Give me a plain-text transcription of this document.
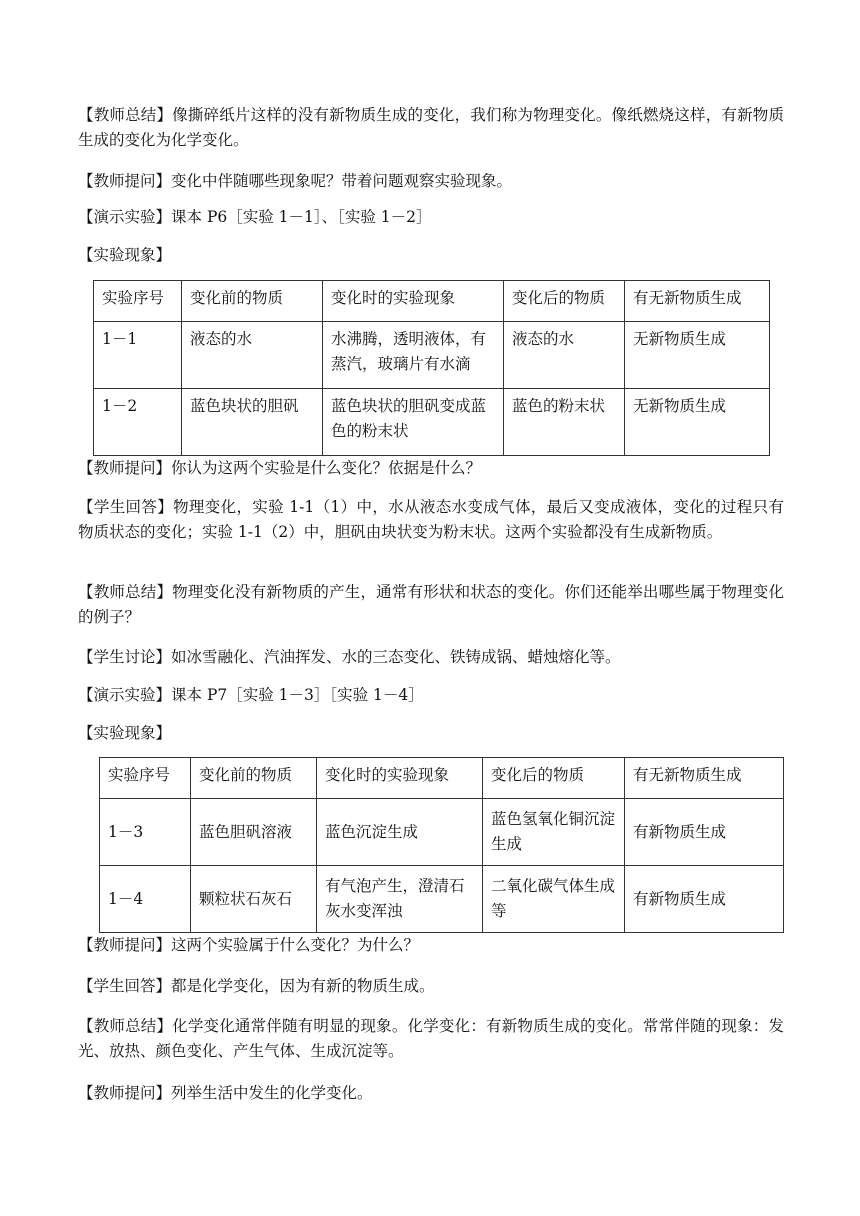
【教师总结】像撕碎纸片这样的没有新物质生成的变化，我们称为物理变化。像纸燃烧这样，有新物质生成的变化为化学变化。

【教师提问】变化中伴随哪些现象呢？带着问题观察实验现象。

【演示实验】课本 P6［实验 1－1］、［实验 1－2］

【实验现象】

实验序号	变化前的物质	变化时的实验现象	变化后的物质	有无新物质生成
1－1	液态的水	水沸腾，透明液体，有蒸汽，玻璃片有水滴	液态的水	无新物质生成
1－2	蓝色块状的胆矾	蓝色块状的胆矾变成蓝色的粉末状	蓝色的粉末状	无新物质生成

【教师提问】你认为这两个实验是什么变化？依据是什么？

【学生回答】物理变化，实验 1-1（1）中，水从液态水变成气体，最后又变成液体，变化的过程只有物质状态的变化；实验 1-1（2）中，胆矾由块状变为粉末状。这两个实验都没有生成新物质。

【教师总结】物理变化没有新物质的产生，通常有形状和状态的变化。你们还能举出哪些属于物理变化的例子？

【学生讨论】如冰雪融化、汽油挥发、水的三态变化、铁铸成锅、蜡烛熔化等。

【演示实验】课本 P7［实验 1－3］［实验 1－4］

【实验现象】

实验序号	变化前的物质	变化时的实验现象	变化后的物质	有无新物质生成
1－3	蓝色胆矾溶液	蓝色沉淀生成	蓝色氢氧化铜沉淀生成	有新物质生成
1－4	颗粒状石灰石	有气泡产生，澄清石灰水变浑浊	二氧化碳气体生成等	有新物质生成

【教师提问】这两个实验属于什么变化？为什么？

【学生回答】都是化学变化，因为有新的物质生成。

【教师总结】化学变化通常伴随有明显的现象。化学变化：有新物质生成的变化。常常伴随的现象：发光、放热、颜色变化、产生气体、生成沉淀等。

【教师提问】列举生活中发生的化学变化。
